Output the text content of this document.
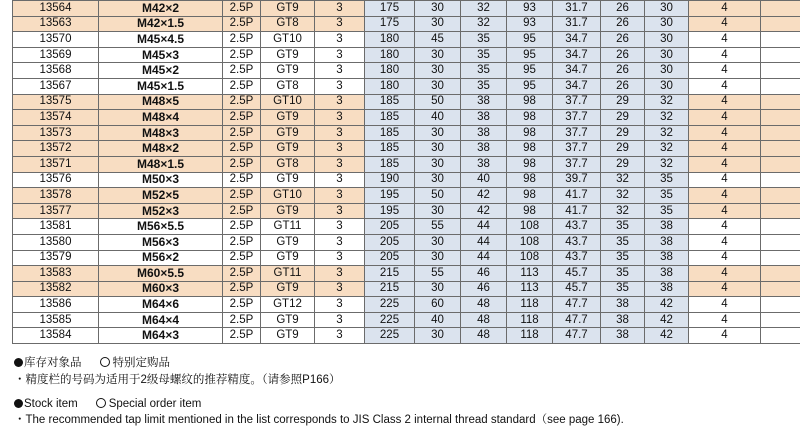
13564	M42×2	2.5P	GT9	3	175	30	32	93	31.7	26	30	4	
13563	M42×1.5	2.5P	GT8	3	175	30	32	93	31.7	26	30	4	
13570	M45×4.5	2.5P	GT10	3	180	45	35	95	34.7	26	30	4	
13569	M45×3	2.5P	GT9	3	180	30	35	95	34.7	26	30	4	
13568	M45×2	2.5P	GT9	3	180	30	35	95	34.7	26	30	4	
13567	M45×1.5	2.5P	GT8	3	180	30	35	95	34.7	26	30	4	
13575	M48×5	2.5P	GT10	3	185	50	38	98	37.7	29	32	4	
13574	M48×4	2.5P	GT9	3	185	40	38	98	37.7	29	32	4	
13573	M48×3	2.5P	GT9	3	185	30	38	98	37.7	29	32	4	
13572	M48×2	2.5P	GT9	3	185	30	38	98	37.7	29	32	4	
13571	M48×1.5	2.5P	GT8	3	185	30	38	98	37.7	29	32	4	
13576	M50×3	2.5P	GT9	3	190	30	40	98	39.7	32	35	4	
13578	M52×5	2.5P	GT10	3	195	50	42	98	41.7	32	35	4	
13577	M52×3	2.5P	GT9	3	195	30	42	98	41.7	32	35	4	
13581	M56×5.5	2.5P	GT11	3	205	55	44	108	43.7	35	38	4	
13580	M56×3	2.5P	GT9	3	205	30	44	108	43.7	35	38	4	
13579	M56×2	2.5P	GT9	3	205	30	44	108	43.7	35	38	4	
13583	M60×5.5	2.5P	GT11	3	215	55	46	113	45.7	35	38	4	
13582	M60×3	2.5P	GT9	3	215	30	46	113	45.7	35	38	4	
13586	M64×6	2.5P	GT12	3	225	60	48	118	47.7	38	42	4	
13585	M64×4	2.5P	GT9	3	225	40	48	118	47.7	38	42	4	
13584	M64×3	2.5P	GT9	3	225	30	48	118	47.7	38	42	4	
库存对象品	特别定购品
・精度栏的号码为适用于2级母螺纹的推荐精度。（请参照P166）
Stock item	Special order item
・The recommended tap limit mentioned in the list corresponds to JIS Class 2 internal thread standard（see page 166).
